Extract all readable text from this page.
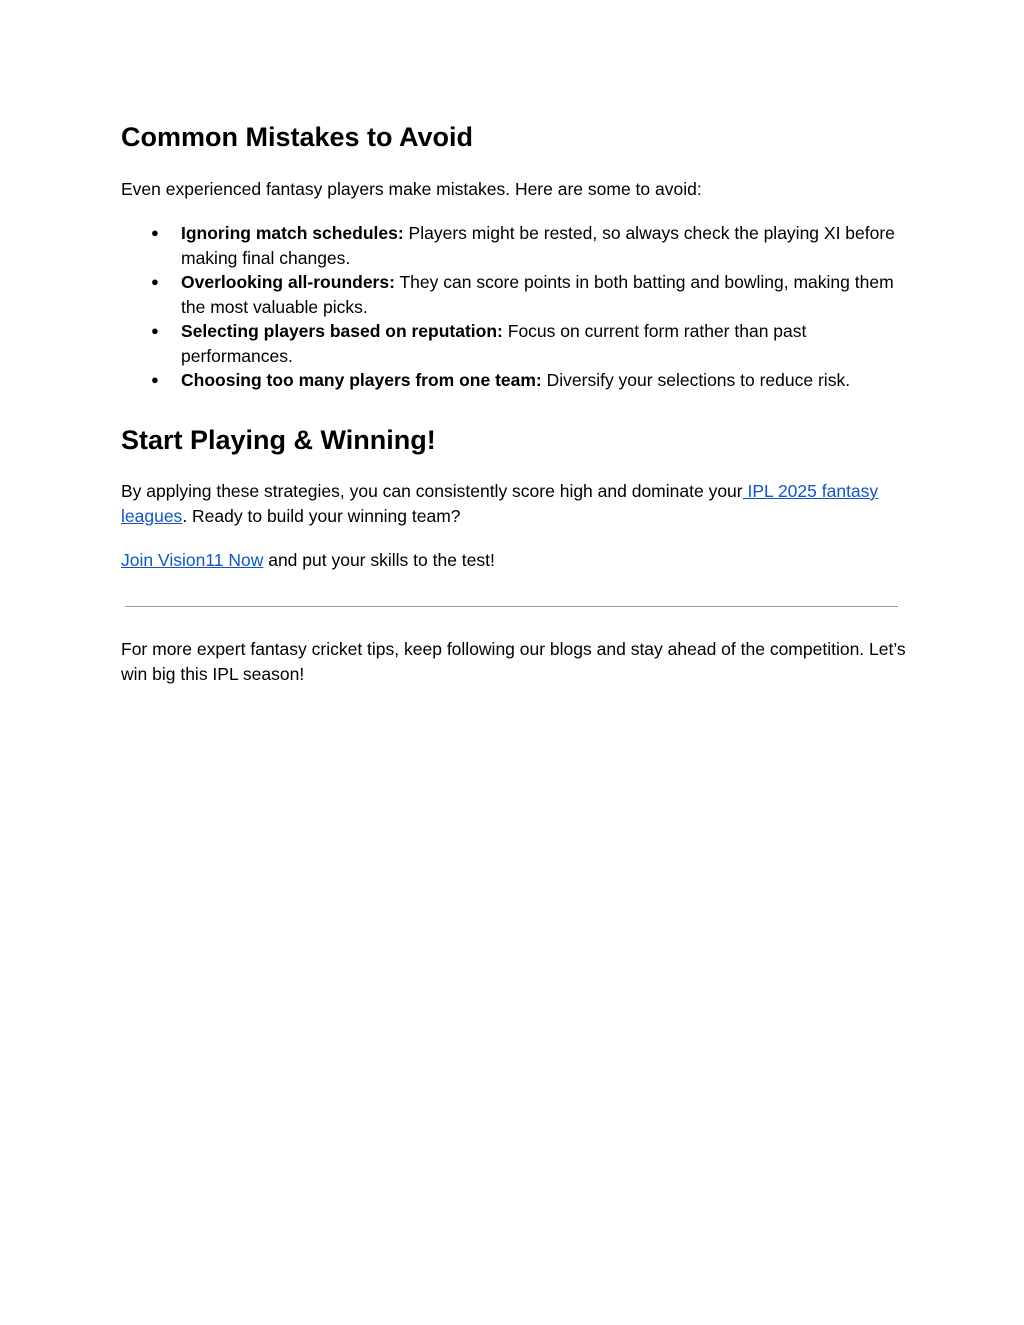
Common Mistakes to Avoid

Even experienced fantasy players make mistakes. Here are some to avoid:

● Ignoring match schedules: Players might be rested, so always check the playing XI before making final changes.
● Overlooking all-rounders: They can score points in both batting and bowling, making them the most valuable picks.
● Selecting players based on reputation: Focus on current form rather than past performances.
● Choosing too many players from one team: Diversify your selections to reduce risk.
Start Playing & Winning!

By applying these strategies, you can consistently score high and dominate your IPL 2025 fantasy leagues. Ready to build your winning team?

Join Vision11 Now and put your skills to the test!

For more expert fantasy cricket tips, keep following our blogs and stay ahead of the competition. Let’s win big this IPL season!
